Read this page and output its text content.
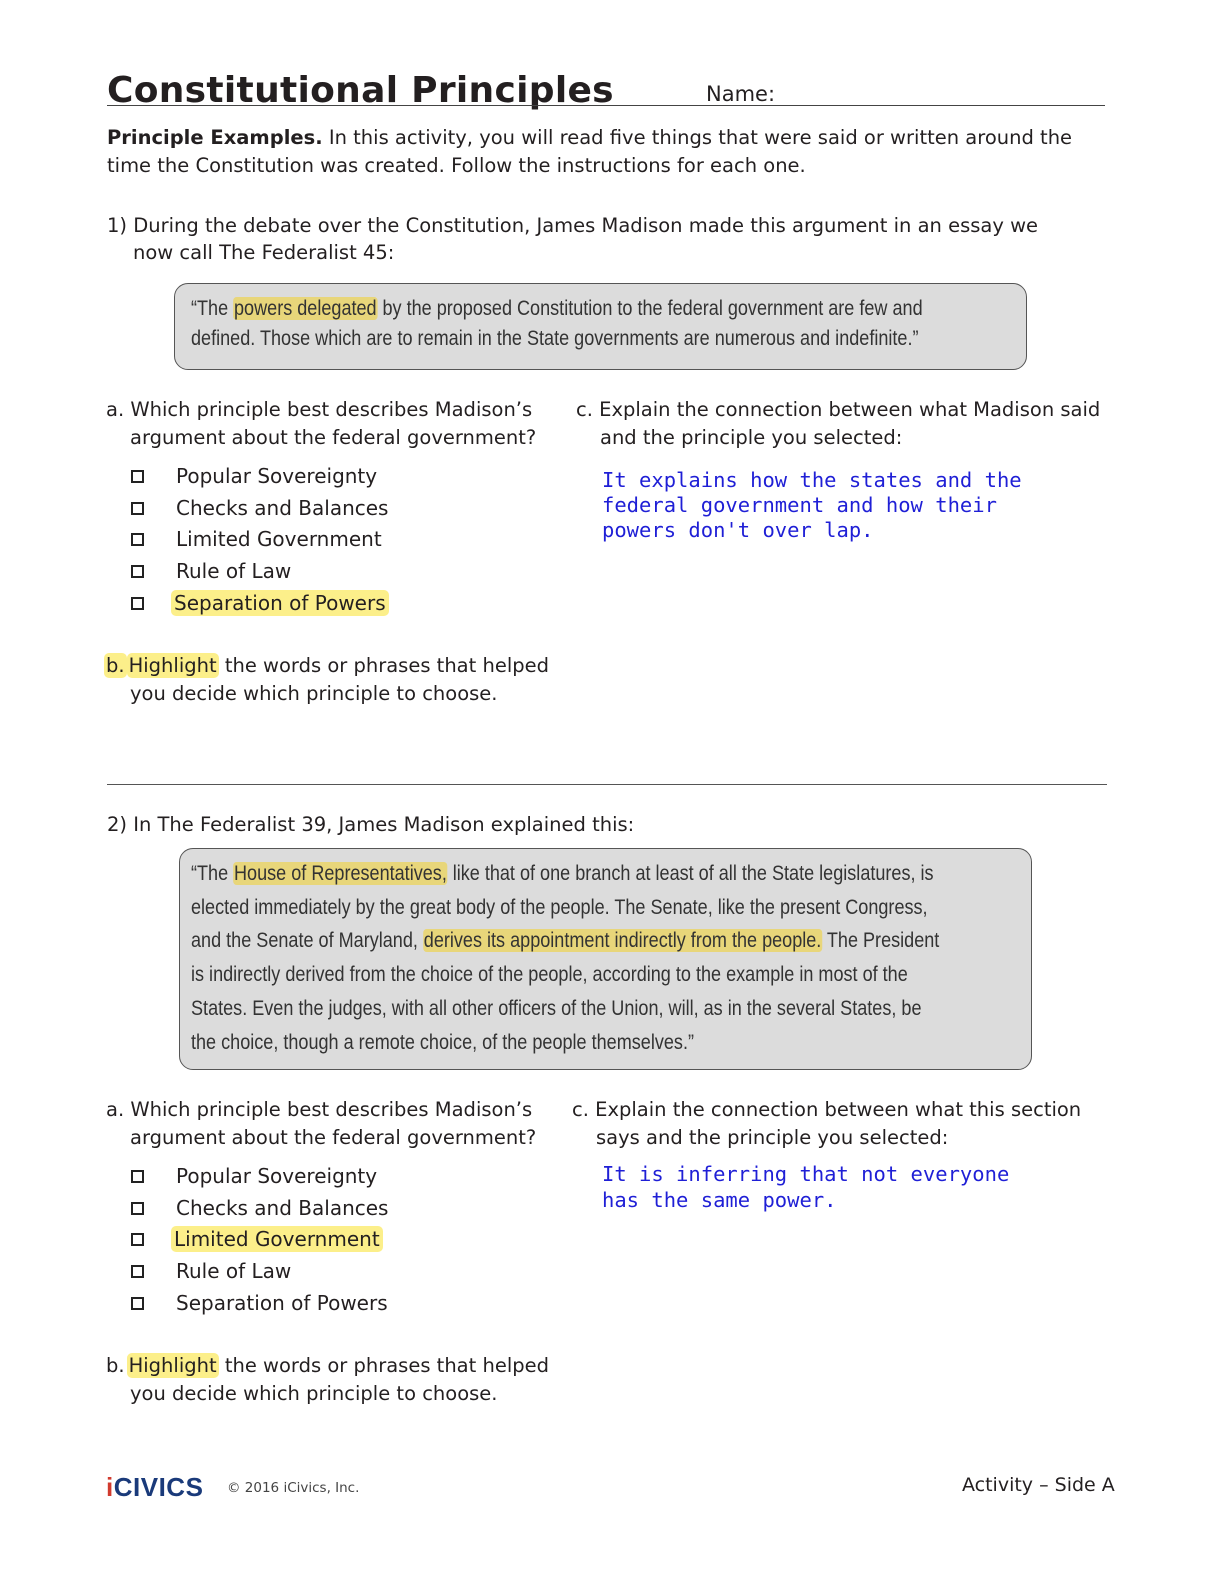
Constitutional Principles	Name:
Principle Examples. In this activity, you will read five things that were said or written around the time the Constitution was created. Follow the instructions for each one.
1) During the debate over the Constitution, James Madison made this argument in an essay we
now call The Federalist 45:
“The powers delegated by the proposed Constitution to the federal government are few and
defined. Those which are to remain in the State governments are numerous and indefinite.”
a. Which principle best describes Madison’s
argument about the federal government?
Popular Sovereignty
Checks and Balances
Limited Government
Rule of Law
Separation of Powers
b. Highlight the words or phrases that helped
you decide which principle to choose.
c. Explain the connection between what Madison said
and the principle you selected:
It explains how the states and the
federal government and how their
powers don't over lap.
2) In The Federalist 39, James Madison explained this:
“The House of Representatives, like that of one branch at least of all the State legislatures, is
elected immediately by the great body of the people. The Senate, like the present Congress,
and the Senate of Maryland, derives its appointment indirectly from the people. The President
is indirectly derived from the choice of the people, according to the example in most of the
States. Even the judges, with all other officers of the Union, will, as in the several States, be
the choice, though a remote choice, of the people themselves.”
a. Which principle best describes Madison’s
argument about the federal government?
Popular Sovereignty
Checks and Balances
Limited Government
Rule of Law
Separation of Powers
b. Highlight the words or phrases that helped
you decide which principle to choose.
c. Explain the connection between what this section
says and the principle you selected:
It is inferring that not everyone
has the same power.
iCIVICS © 2016 iCivics, Inc.	Activity – Side A
